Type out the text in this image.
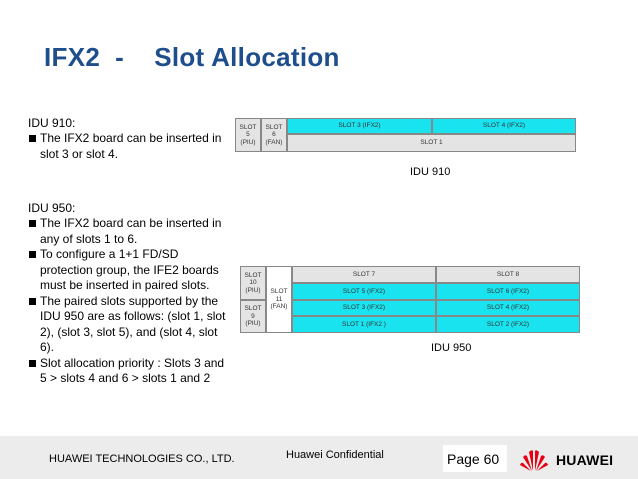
IFX2  -    Slot Allocation
IDU 910:
The IFX2 board can be inserted in slot 3 or slot 4.
IDU 950:
The IFX2 board can be inserted in any of slots 1 to 6.
To configure a 1+1 FD/SD protection group, the IFE2 boards must be inserted in paired slots.
The paired slots supported by the IDU 950 are as follows: (slot 1, slot 2), (slot 3, slot 5), and (slot 4, slot 6).
Slot allocation priority : Slots 3 and 5 > slots 4 and 6 > slots 1 and 2
SLOT
5
(PIU)
SLOT
6
(FAN)
SLOT 3 (IFX2)	SLOT 4 (IFX2)
SLOT 1
IDU 910
SLOT
10
(PIU)
SLOT
9
(PIU)
SLOT
11
(FAN)
SLOT 7	SLOT 8
SLOT 5 (IFX2)	SLOT 6 (IFX2)
SLOT 3 (IFX2)	SLOT 4 (IFX2)
SLOT 1 (IFX2 )	SLOT 2 (IFX2)
IDU 950
HUAWEI TECHNOLOGIES CO., LTD.	Huawei Confidential	Page 60	HUAWEI
